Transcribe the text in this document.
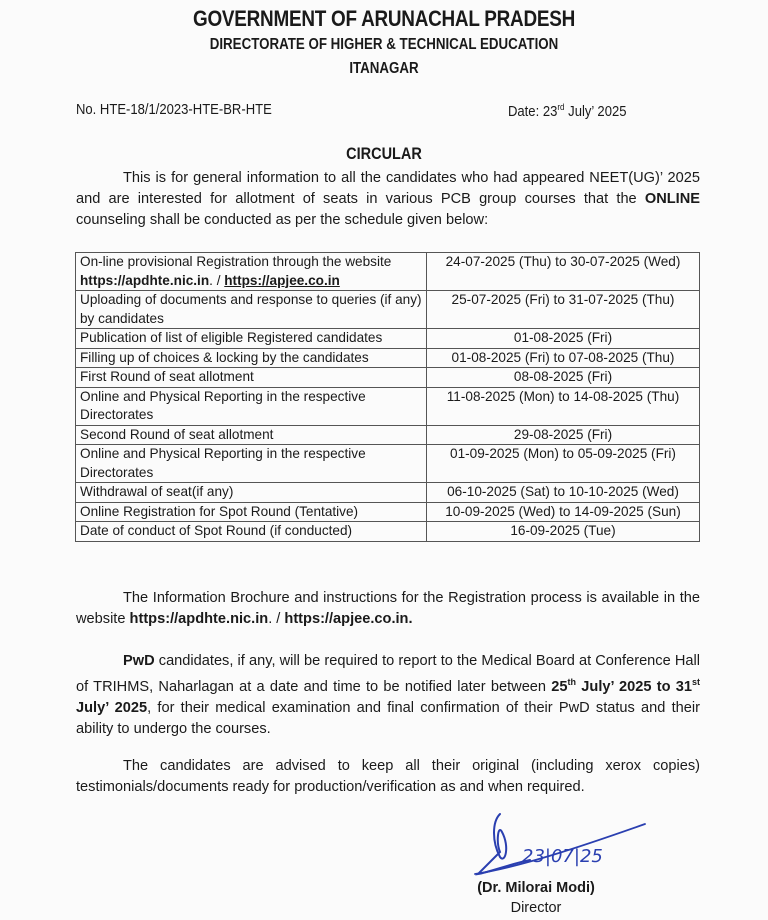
GOVERNMENT OF ARUNACHAL PRADESH
DIRECTORATE OF HIGHER & TECHNICAL EDUCATION
ITANAGAR
No. HTE-18/1/2023-HTE-BR-HTE	Date: 23rd July’ 2025
CIRCULAR
This is for general information to all the candidates who had appeared NEET(UG)’ 2025 and are interested for allotment of seats in various PCB group courses that the ONLINE counseling shall be conducted as per the schedule given below:
On-line provisional Registration through the website https://apdhte.nic.in. / https://apjee.co.in	24-07-2025 (Thu) to 30-07-2025 (Wed)
Uploading of documents and response to queries (if any) by candidates	25-07-2025 (Fri) to 31-07-2025 (Thu)
Publication of list of eligible Registered candidates	01-08-2025 (Fri)
Filling up of choices & locking by the candidates	01-08-2025 (Fri) to 07-08-2025 (Thu)
First Round of seat allotment	08-08-2025 (Fri)
Online and Physical Reporting in the respective Directorates	11-08-2025 (Mon) to 14-08-2025 (Thu)
Second Round of seat allotment	29-08-2025 (Fri)
Online and Physical Reporting in the respective Directorates	01-09-2025 (Mon) to 05-09-2025 (Fri)
Withdrawal of seat(if any)	06-10-2025 (Sat) to 10-10-2025 (Wed)
Online Registration for Spot Round (Tentative)	10-09-2025 (Wed) to 14-09-2025 (Sun)
Date of conduct of Spot Round (if conducted)	16-09-2025 (Tue)
The Information Brochure and instructions for the Registration process is available in the website https://apdhte.nic.in. / https://apjee.co.in.
PwD candidates, if any, will be required to report to the Medical Board at Conference Hall of TRIHMS, Naharlagan at a date and time to be notified later between 25th July’ 2025 to 31st July’ 2025, for their medical examination and final confirmation of their PwD status and their ability to undergo the courses.
The candidates are advised to keep all their original (including xerox copies) testimonials/documents ready for production/verification as and when required.
23|07|25
(Dr. Milorai Modi)
Director
